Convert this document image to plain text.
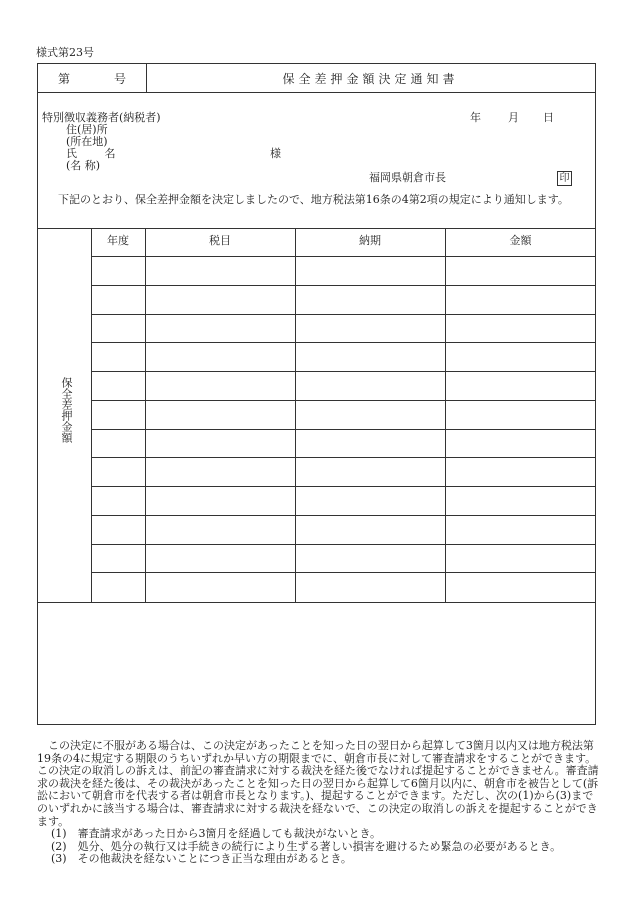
様式第23号
第	号	保全差押金額決定通知書
特別徴収義務者(納税者)
住(居)所
(所在地)
氏 名
(名 称)
様
年 月 日
福岡県朝倉市長	印
下記のとおり、保全差押金額を決定しましたので、地方税法第16条の4第2項の規定により通知します。
保全差押金額
年度	税目	納期	金額

この決定に不服がある場合は、この決定があったことを知った日の翌日から起算して3箇月以内又は地方税法第19条の4に規定する期限のうちいずれか早い方の期限までに、朝倉市長に対して審査請求をすることができます。この決定の取消しの訴えは、前記の審査請求に対する裁決を経た後でなければ提起することができません。審査請求の裁決を経た後は、その裁決があったことを知った日の翌日から起算して6箇月以内に、朝倉市を被告として(訴訟において朝倉市を代表する者は朝倉市長となります。)、提起することができます。ただし、次の(1)から(3)までのいずれかに該当する場合は、審査請求に対する裁決を経ないで、この決定の取消しの訴えを提起することができます。

(1)　審査請求があった日から3箇月を経過しても裁決がないとき。

(2)　処分、処分の執行又は手続きの続行により生ずる著しい損害を避けるため緊急の必要があるとき。

(3)　その他裁決を経ないことにつき正当な理由があるとき。
